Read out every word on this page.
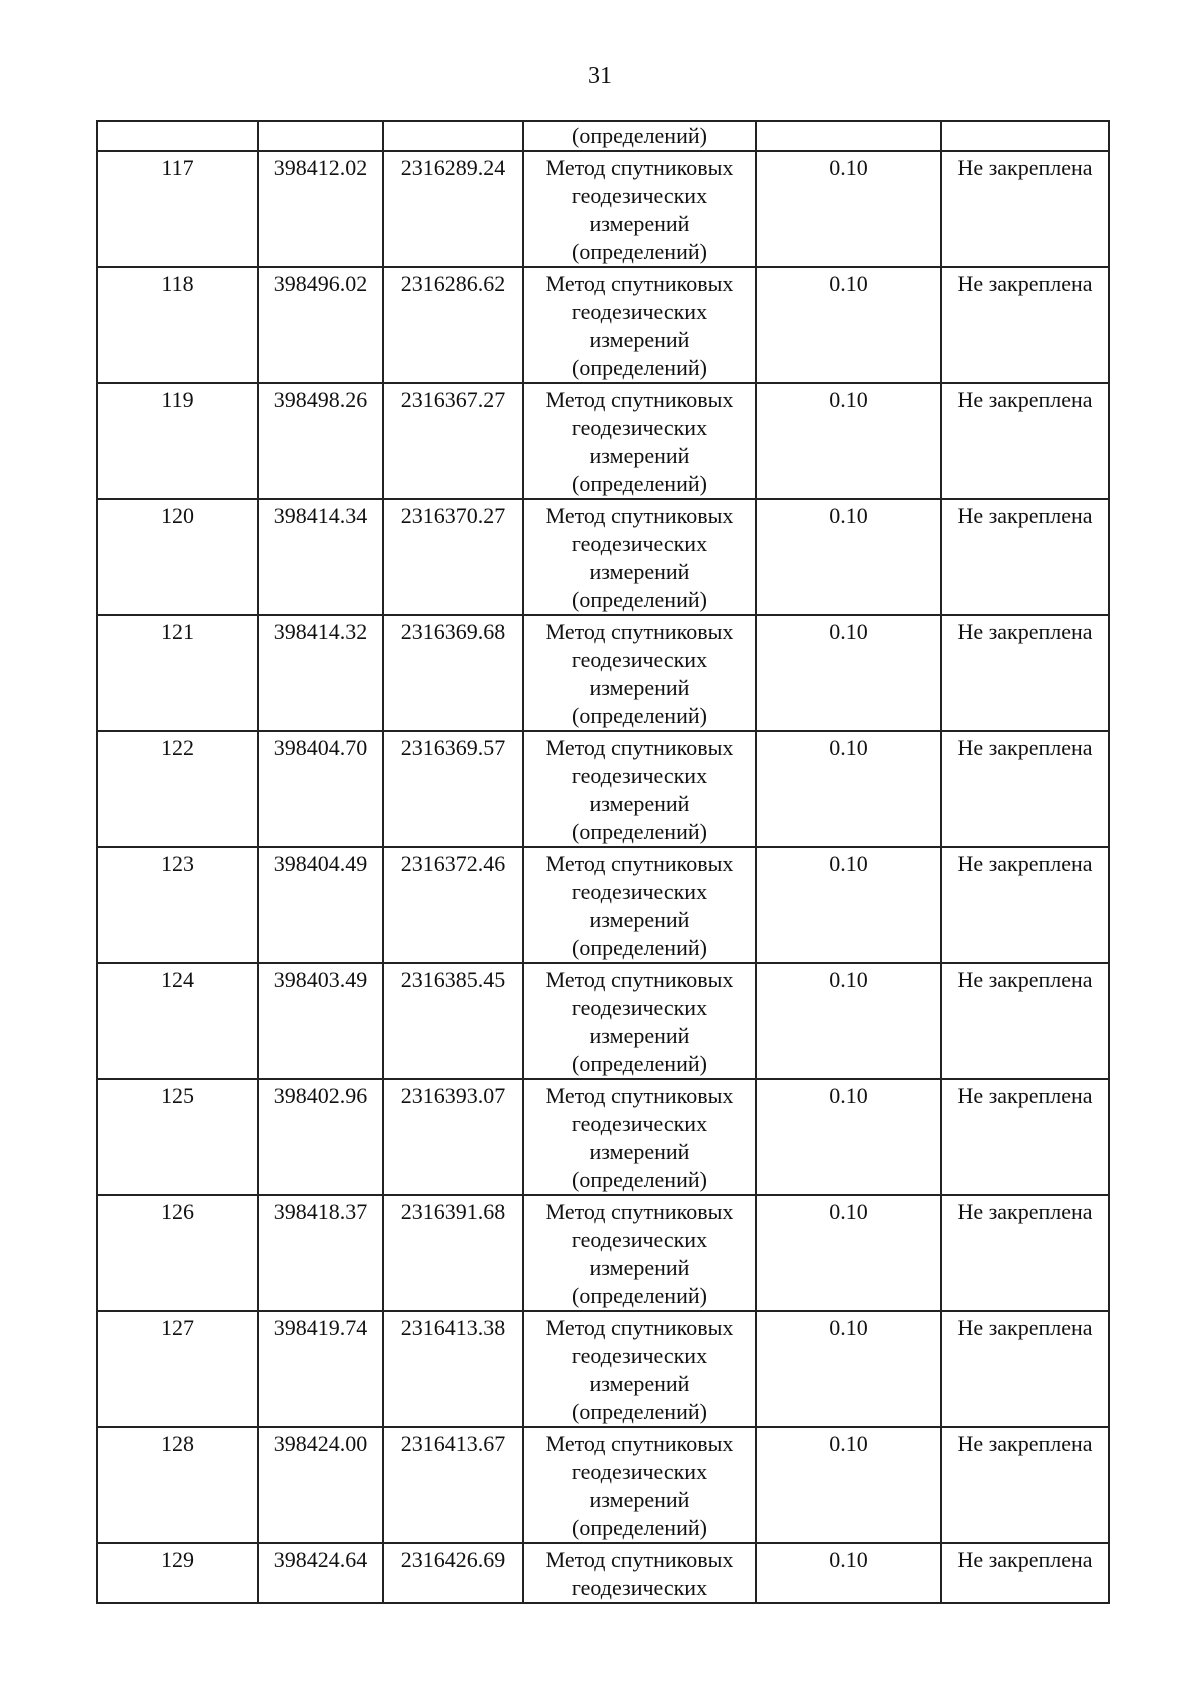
31
			(определений)		
117	398412.02	2316289.24	Метод спутниковых
геодезических
измерений
(определений)	0.10	Не закреплена
118	398496.02	2316286.62	Метод спутниковых
геодезических
измерений
(определений)	0.10	Не закреплена
119	398498.26	2316367.27	Метод спутниковых
геодезических
измерений
(определений)	0.10	Не закреплена
120	398414.34	2316370.27	Метод спутниковых
геодезических
измерений
(определений)	0.10	Не закреплена
121	398414.32	2316369.68	Метод спутниковых
геодезических
измерений
(определений)	0.10	Не закреплена
122	398404.70	2316369.57	Метод спутниковых
геодезических
измерений
(определений)	0.10	Не закреплена
123	398404.49	2316372.46	Метод спутниковых
геодезических
измерений
(определений)	0.10	Не закреплена
124	398403.49	2316385.45	Метод спутниковых
геодезических
измерений
(определений)	0.10	Не закреплена
125	398402.96	2316393.07	Метод спутниковых
геодезических
измерений
(определений)	0.10	Не закреплена
126	398418.37	2316391.68	Метод спутниковых
геодезических
измерений
(определений)	0.10	Не закреплена
127	398419.74	2316413.38	Метод спутниковых
геодезических
измерений
(определений)	0.10	Не закреплена
128	398424.00	2316413.67	Метод спутниковых
геодезических
измерений
(определений)	0.10	Не закреплена
129	398424.64	2316426.69	Метод спутниковых
геодезических	0.10	Не закреплена
